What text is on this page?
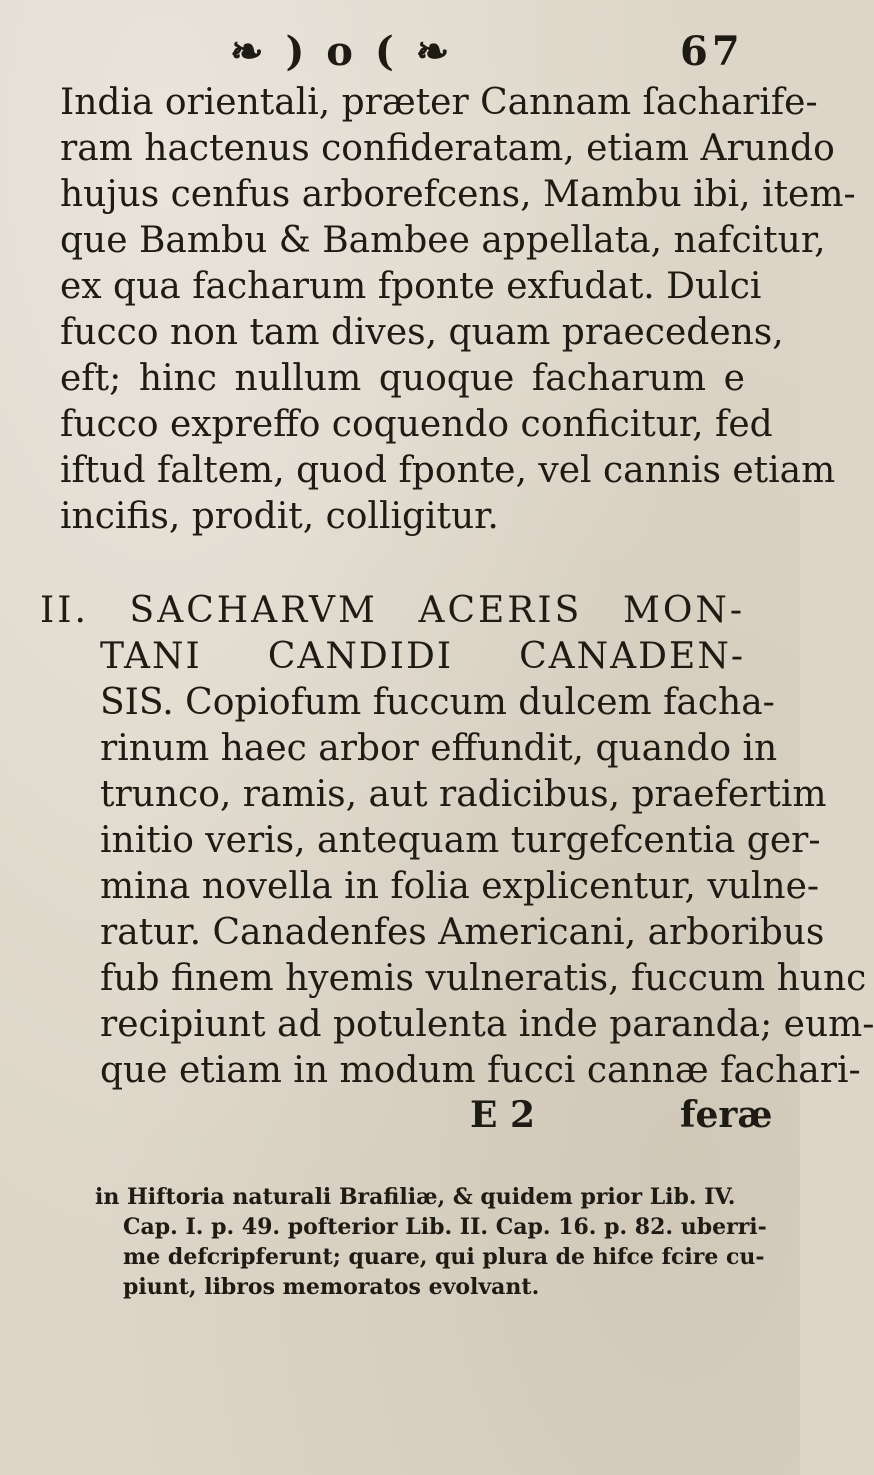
❧ ) o ( ❧	67

India orientali, præter Cannam ſacharife-

ram hactenus confideratam, etiam Arundo

hujus cenfus arborefcens, Mambu ibi, item-

que Bambu & Bambee appellata, nafcitur,

ex qua facharum fponte exfudat. Dulci

fucco non tam dives, quam praecedens,

eft; hinc nullum quoque facharum e

fucco expreffo coquendo conficitur, fed

iftud faltem, quod fponte, vel cannis etiam

incifis, prodit, colligitur.

II. SACHARVM ACERIS MON-

TANI CANDIDI CANADEN-

SIS. Copiofum fuccum dulcem facha-

rinum haec arbor effundit, quando in

trunco, ramis, aut radicibus, praefertim

initio veris, antequam turgefcentia ger-

mina novella in folia explicentur, vulne-

ratur. Canadenfes Americani, arboribus

fub finem hyemis vulneratis, fuccum hunc

recipiunt ad potulenta inde paranda; eum-

que etiam in modum fucci cannæ fachari-

E 2	feræ

in Hiftoria naturali Brafiliæ, & quidem prior Lib. IV.

Cap. I. p. 49. pofterior Lib. II. Cap. 16. p. 82. uberri-

me defcripferunt; quare, qui plura de hifce fcire cu-

piunt, libros memoratos evolvant.
